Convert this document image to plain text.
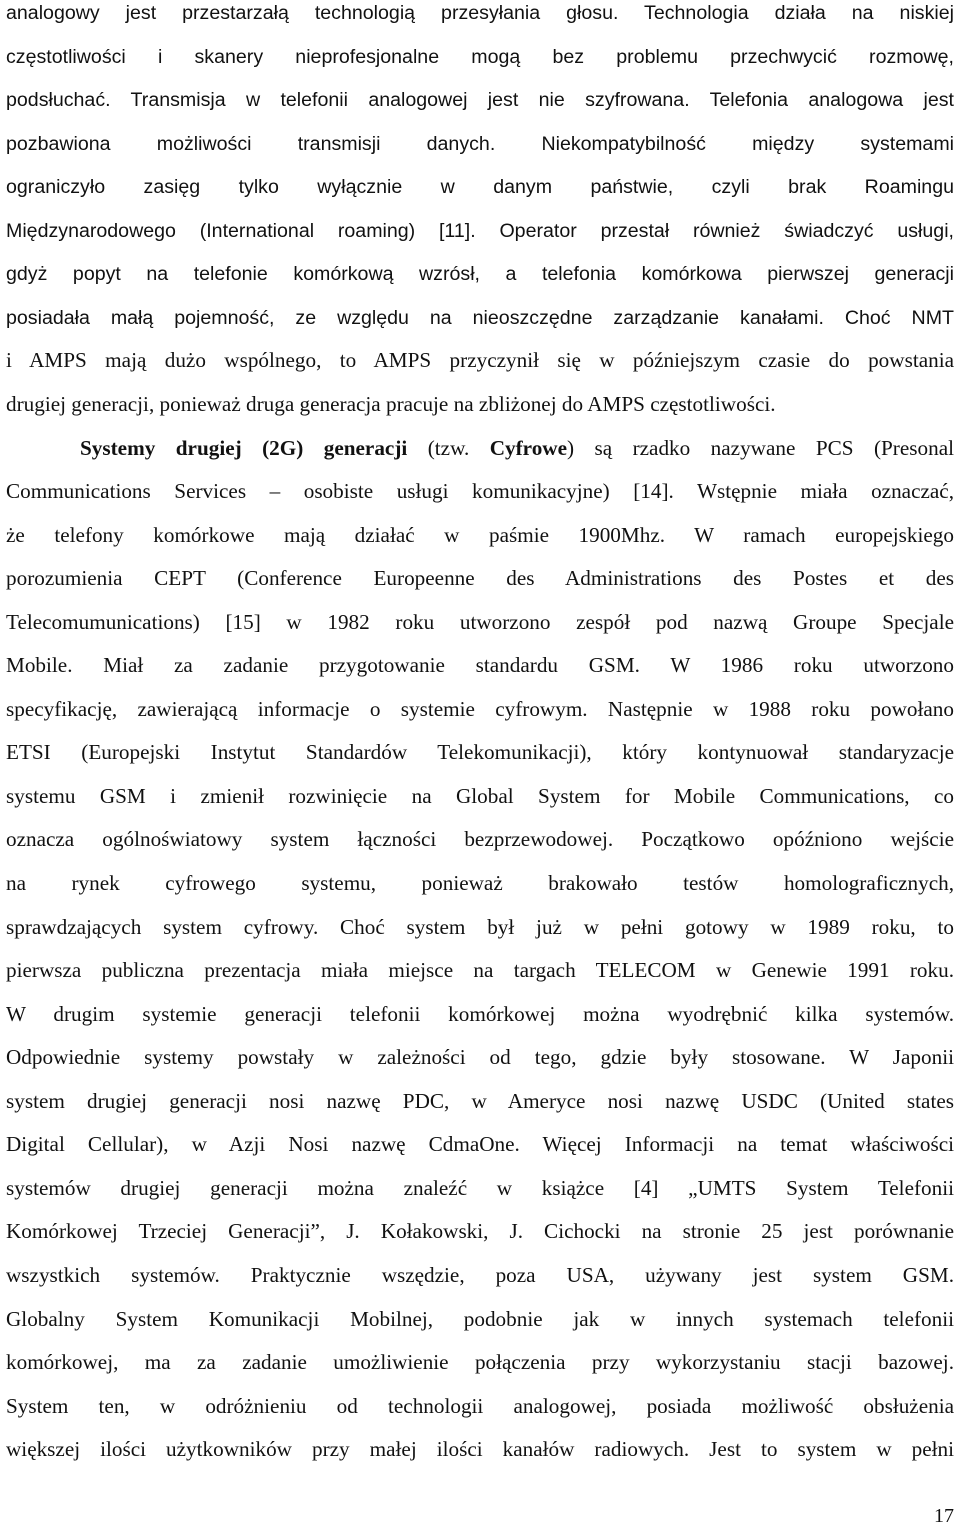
analogowy jest przestarzałą technologią przesyłania głosu. Technologia działa na niskiej
częstotliwości i skanery nieprofesjonalne mogą bez problemu przechwycić rozmowę,
podsłuchać. Transmisja w telefonii analogowej jest nie szyfrowana. Telefonia analogowa jest
pozbawiona możliwości transmisji danych. Niekompatybilność między systemami
ograniczyło zasięg tylko wyłącznie w danym państwie, czyli brak Roamingu
Międzynarodowego (International roaming) [11]. Operator przestał również świadczyć usługi,
gdyż popyt na telefonie komórkową wzrósł, a telefonia komórkowa pierwszej generacji
posiadała małą pojemność, ze względu na nieoszczędne zarządzanie kanałami. Choć NMT
i AMPS mają dużo wspólnego, to AMPS przyczynił się w późniejszym czasie do powstania
drugiej generacji, ponieważ druga generacja pracuje na zbliżonej do AMPS częstotliwości.
Systemy drugiej (2G) generacji (tzw. Cyfrowe) są rzadko nazywane PCS (Presonal
Communications Services – osobiste usługi komunikacyjne) [14]. Wstępnie miała oznaczać,
że telefony komórkowe mają działać w paśmie 1900Mhz. W ramach europejskiego
porozumienia CEPT (Conference Europeenne des Administrations des Postes et des
Telecomumunications) [15] w 1982 roku utworzono zespół pod nazwą Groupe Specjale
Mobile. Miał za zadanie przygotowanie standardu GSM. W 1986 roku utworzono
specyfikację, zawierającą informacje o systemie cyfrowym. Następnie w 1988 roku powołano
ETSI (Europejski Instytut Standardów Telekomunikacji), który kontynuował standaryzacje
systemu GSM i zmienił rozwinięcie na Global System for Mobile Communications, co
oznacza ogólnoświatowy system łączności bezprzewodowej. Początkowo opóźniono wejście
na rynek cyfrowego systemu, ponieważ brakowało testów homolograficznych,
sprawdzających system cyfrowy. Choć system był już w pełni gotowy w 1989 roku, to
pierwsza publiczna prezentacja miała miejsce na targach TELECOM w Genewie 1991 roku.
W drugim systemie generacji telefonii komórkowej można wyodrębnić kilka systemów.
Odpowiednie systemy powstały w zależności od tego, gdzie były stosowane. W Japonii
system drugiej generacji nosi nazwę PDC, w Ameryce nosi nazwę USDC (United states
Digital Cellular), w Azji Nosi nazwę CdmaOne. Więcej Informacji na temat właściwości
systemów drugiej generacji można znaleźć w książce [4] „UMTS System Telefonii
Komórkowej Trzeciej Generacji”, J. Kołakowski, J. Cichocki na stronie 25 jest porównanie
wszystkich systemów. Praktycznie wszędzie, poza USA, używany jest system GSM.
Globalny System Komunikacji Mobilnej, podobnie jak w innych systemach telefonii
komórkowej, ma za zadanie umożliwienie połączenia przy wykorzystaniu stacji bazowej.
System ten, w odróżnieniu od technologii analogowej, posiada możliwość obsłużenia
większej ilości użytkowników przy małej ilości kanałów radiowych. Jest to system w pełni
17
